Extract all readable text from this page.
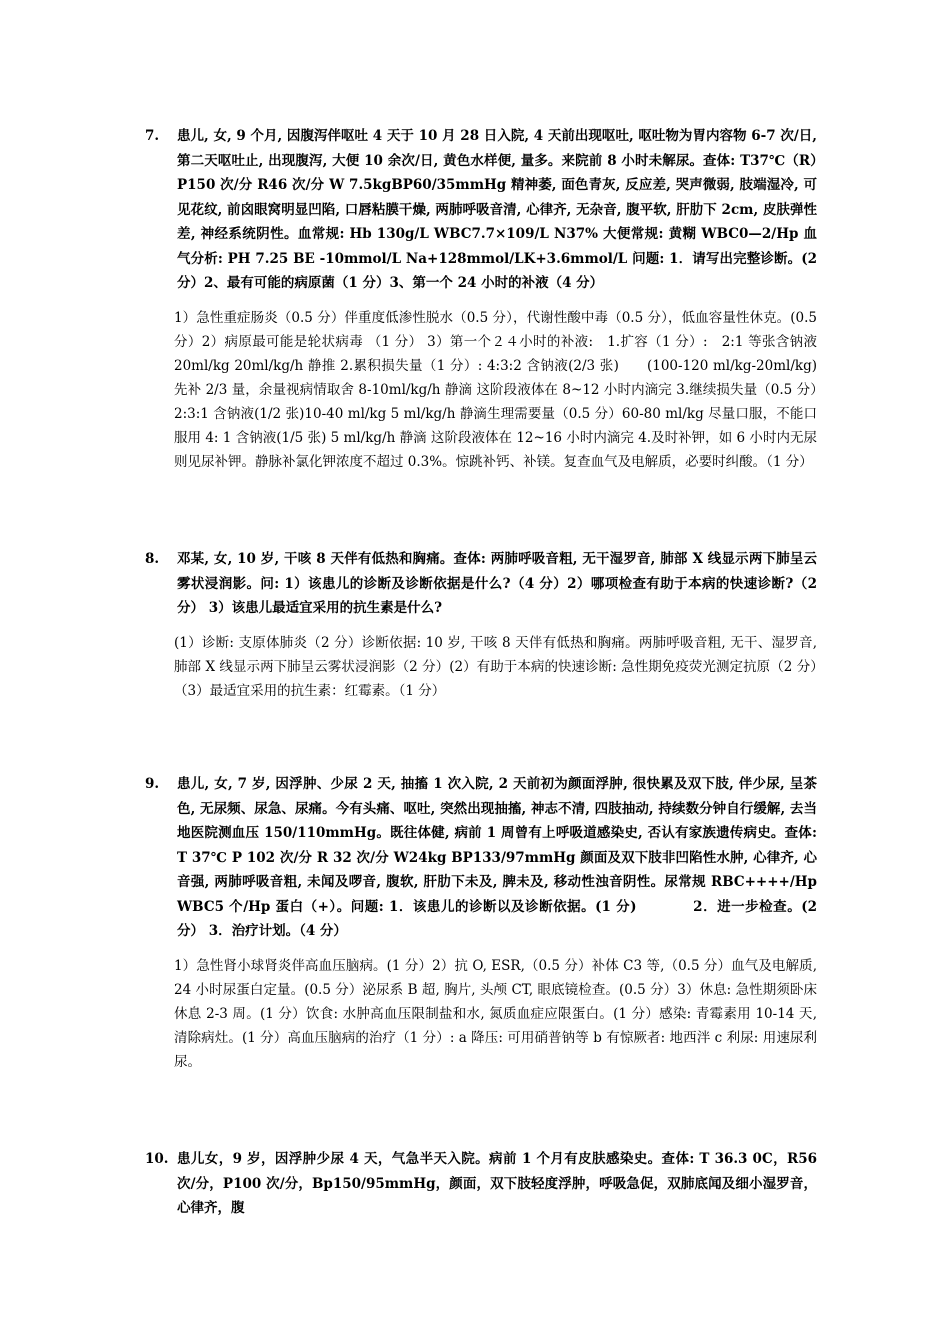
7. 患儿, 女, 9 个月, 因腹泻伴呕吐 4 天于 10 月 28 日入院, 4 天前出现呕吐, 呕吐物为胃内容物 6-7 次/日, 第二天呕吐止, 出现腹泻, 大便 10 余次/日, 黄色水样便, 量多。来院前 8 小时未解尿。查体: T37℃（R）P150 次/分 R46 次/分 W 7.5kgBP60/35mmHg 精神萎, 面色青灰, 反应差, 哭声微弱, 肢端湿冷, 可见花纹, 前囟眼窝明显凹陷, 口唇粘膜干燥, 两肺呼吸音清, 心律齐, 无杂音, 腹平软, 肝肋下 2cm, 皮肤弹性差, 神经系统阴性。血常规: Hb 130g/L WBC7.7×109/L N37% 大便常规: 黄糊 WBC0—2/Hp 血气分析: PH 7.25 BE -10mmol/L Na+128mmol/LK+3.6mmol/L 问题: 1．请写出完整诊断。(2 分）2、最有可能的病原菌（1 分）3、第一个 24 小时的补液（4 分）
1）急性重症肠炎（0.5 分）伴重度低渗性脱水（0.5 分），代谢性酸中毒（0.5 分），低血容量性休克。(0.5 分）2）病原最可能是轮状病毒 （1 分） 3）第一个２４小时的补液:　1.扩容（1 分）:　2:1 等张含钠液 20ml/kg 20ml/kg/h 静推 2.累积损失量（1 分）: 4:3:2 含钠液(2/3 张)　　(100-120 ml/kg-20ml/kg)先补 2/3 量，余量视病情取舍 8-10ml/kg/h 静滴 这阶段液体在 8~12 小时内滴完 3.继续损失量（0.5 分）2:3:1 含钠液(1/2 张)10-40 ml/kg 5 ml/kg/h 静滴生理需要量（0.5 分）60-80 ml/kg 尽量口服，不能口服用 4: 1 含钠液(1/5 张) 5 ml/kg/h 静滴 这阶段液体在 12~16 小时内滴完 4.及时补钾，如 6 小时内无尿则见尿补钾。静脉补氯化钾浓度不超过 0.3%。惊跳补钙、补镁。复查血气及电解质，必要时纠酸。（1 分）
8. 邓某, 女, 10 岁, 干咳 8 天伴有低热和胸痛。查体: 两肺呼吸音粗, 无干湿罗音, 肺部 X 线显示两下肺呈云雾状浸润影。问: 1）该患儿的诊断及诊断依据是什么?（4 分）2）哪项检查有助于本病的快速诊断?（2 分） 3）该患儿最适宜采用的抗生素是什么?
(1）诊断: 支原体肺炎（2 分）诊断依据: 10 岁, 干咳 8 天伴有低热和胸痛。两肺呼吸音粗, 无干、湿罗音, 肺部 X 线显示两下肺呈云雾状浸润影（2 分）(2）有助于本病的快速诊断: 急性期免疫荧光测定抗原（2 分）（3）最适宜采用的抗生素：红霉素。（1 分）
9. 患儿, 女, 7 岁, 因浮肿、少尿 2 天, 抽搐 1 次入院, 2 天前初为颜面浮肿, 很快累及双下肢, 伴少尿, 呈茶色, 无尿频、尿急、尿痛。今有头痛、呕吐, 突然出现抽搐, 神志不清, 四肢抽动, 持续数分钟自行缓解, 去当地医院测血压 150/110mmHg。既往体健, 病前 1 周曾有上呼吸道感染史, 否认有家族遗传病史。查体: T 37℃ P 102 次/分 R 32 次/分 W24kg BP133/97mmHg 颜面及双下肢非凹陷性水肿, 心律齐, 心音强, 两肺呼吸音粗, 未闻及啰音, 腹软, 肝肋下未及, 脾未及, 移动性浊音阴性。尿常规 RBC++++/Hp WBC5 个/Hp 蛋白（+）。问题: 1．该患儿的诊断以及诊断依据。(1 分)　　　　2．进一步检查。(2 分） 3．治疗计划。（4 分）
1）急性肾小球肾炎伴高血压脑病。(1 分）2）抗 O, ESR,（0.5 分）补体 C3 等,（0.5 分）血气及电解质, 24 小时尿蛋白定量。(0.5 分）泌尿系 B 超, 胸片, 头颅 CT, 眼底镜检查。(0.5 分）3）休息: 急性期须卧床休息 2-3 周。(1 分）饮食: 水肿高血压限制盐和水, 氮质血症应限蛋白。(1 分）感染: 青霉素用 10-14 天, 清除病灶。(1 分）高血压脑病的治疗（1 分）: a 降压: 可用硝普钠等 b 有惊厥者: 地西泮 c 利尿: 用速尿利尿。
10. 患儿女，9 岁，因浮肿少尿 4 天，气急半天入院。病前 1 个月有皮肤感染史。查体: T 36.3 0C，R56 次/分，P100 次/分，Bp150/95mmHg，颜面，双下肢轻度浮肿，呼吸急促，双肺底闻及细小湿罗音，心律齐，腹
